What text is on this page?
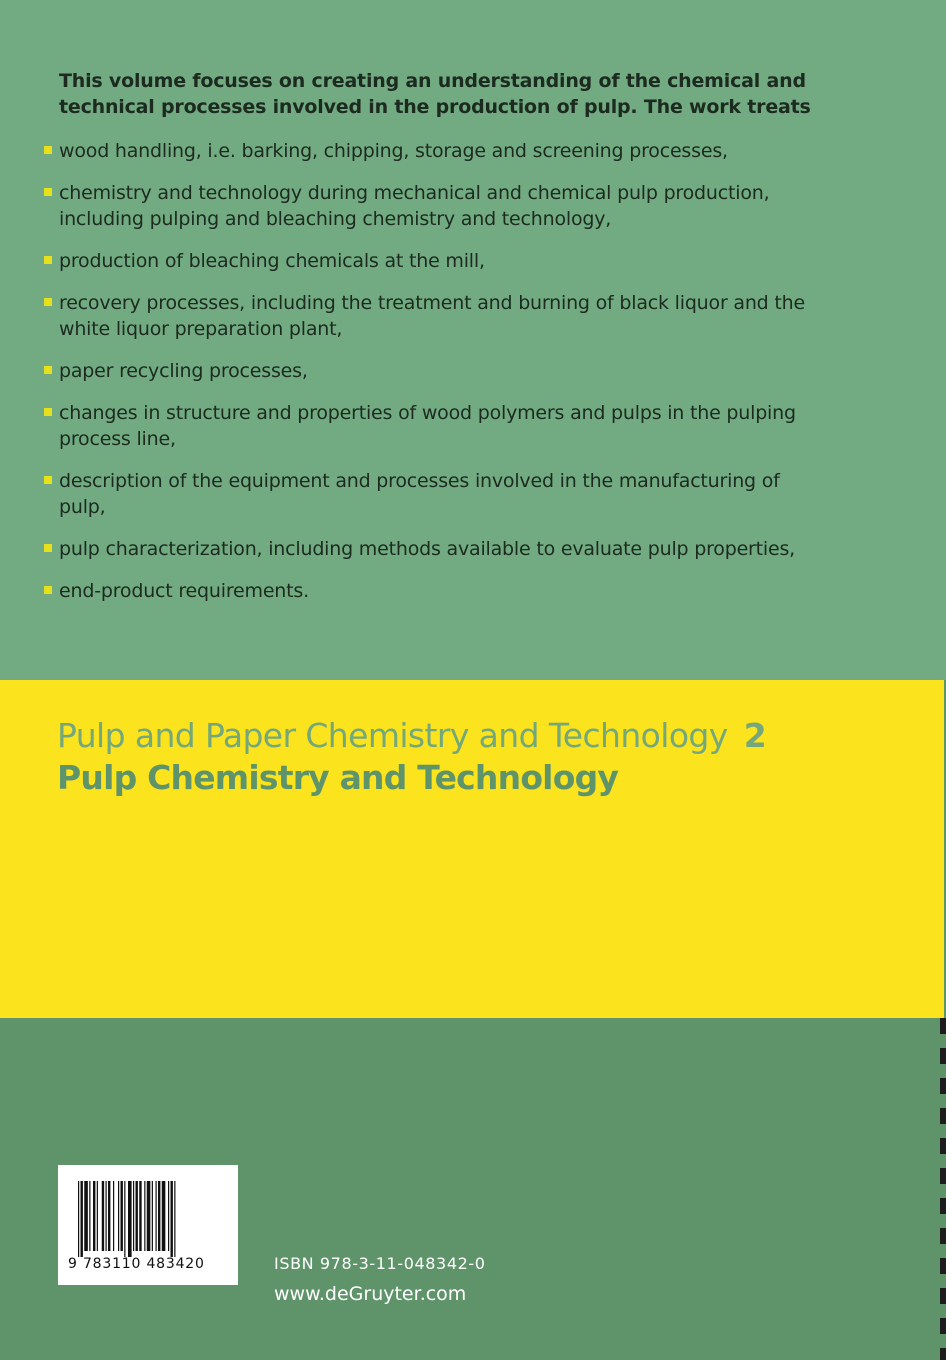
This volume focuses on creating an understanding of the chemical and technical processes involved in the production of pulp. The work treats
wood handling, i.e. barking, chipping, storage and screening processes,
chemistry and technology during mechanical and chemical pulp production, including pulping and bleaching chemistry and technology,
production of bleaching chemicals at the mill,
recovery processes, including the treatment and burning of black liquor and the white liquor preparation plant,
paper recycling processes,
changes in structure and properties of wood polymers and pulps in the pulping process line,
description of the equipment and processes involved in the manufacturing of pulp,
pulp characterization, including methods available to evaluate pulp properties,
end-product requirements.
Pulp and Paper Chemistry and Technology 2
Pulp Chemistry and Technology
9 783110 483420	ISBN 978-3-11-048342-0
www.deGruyter.com
